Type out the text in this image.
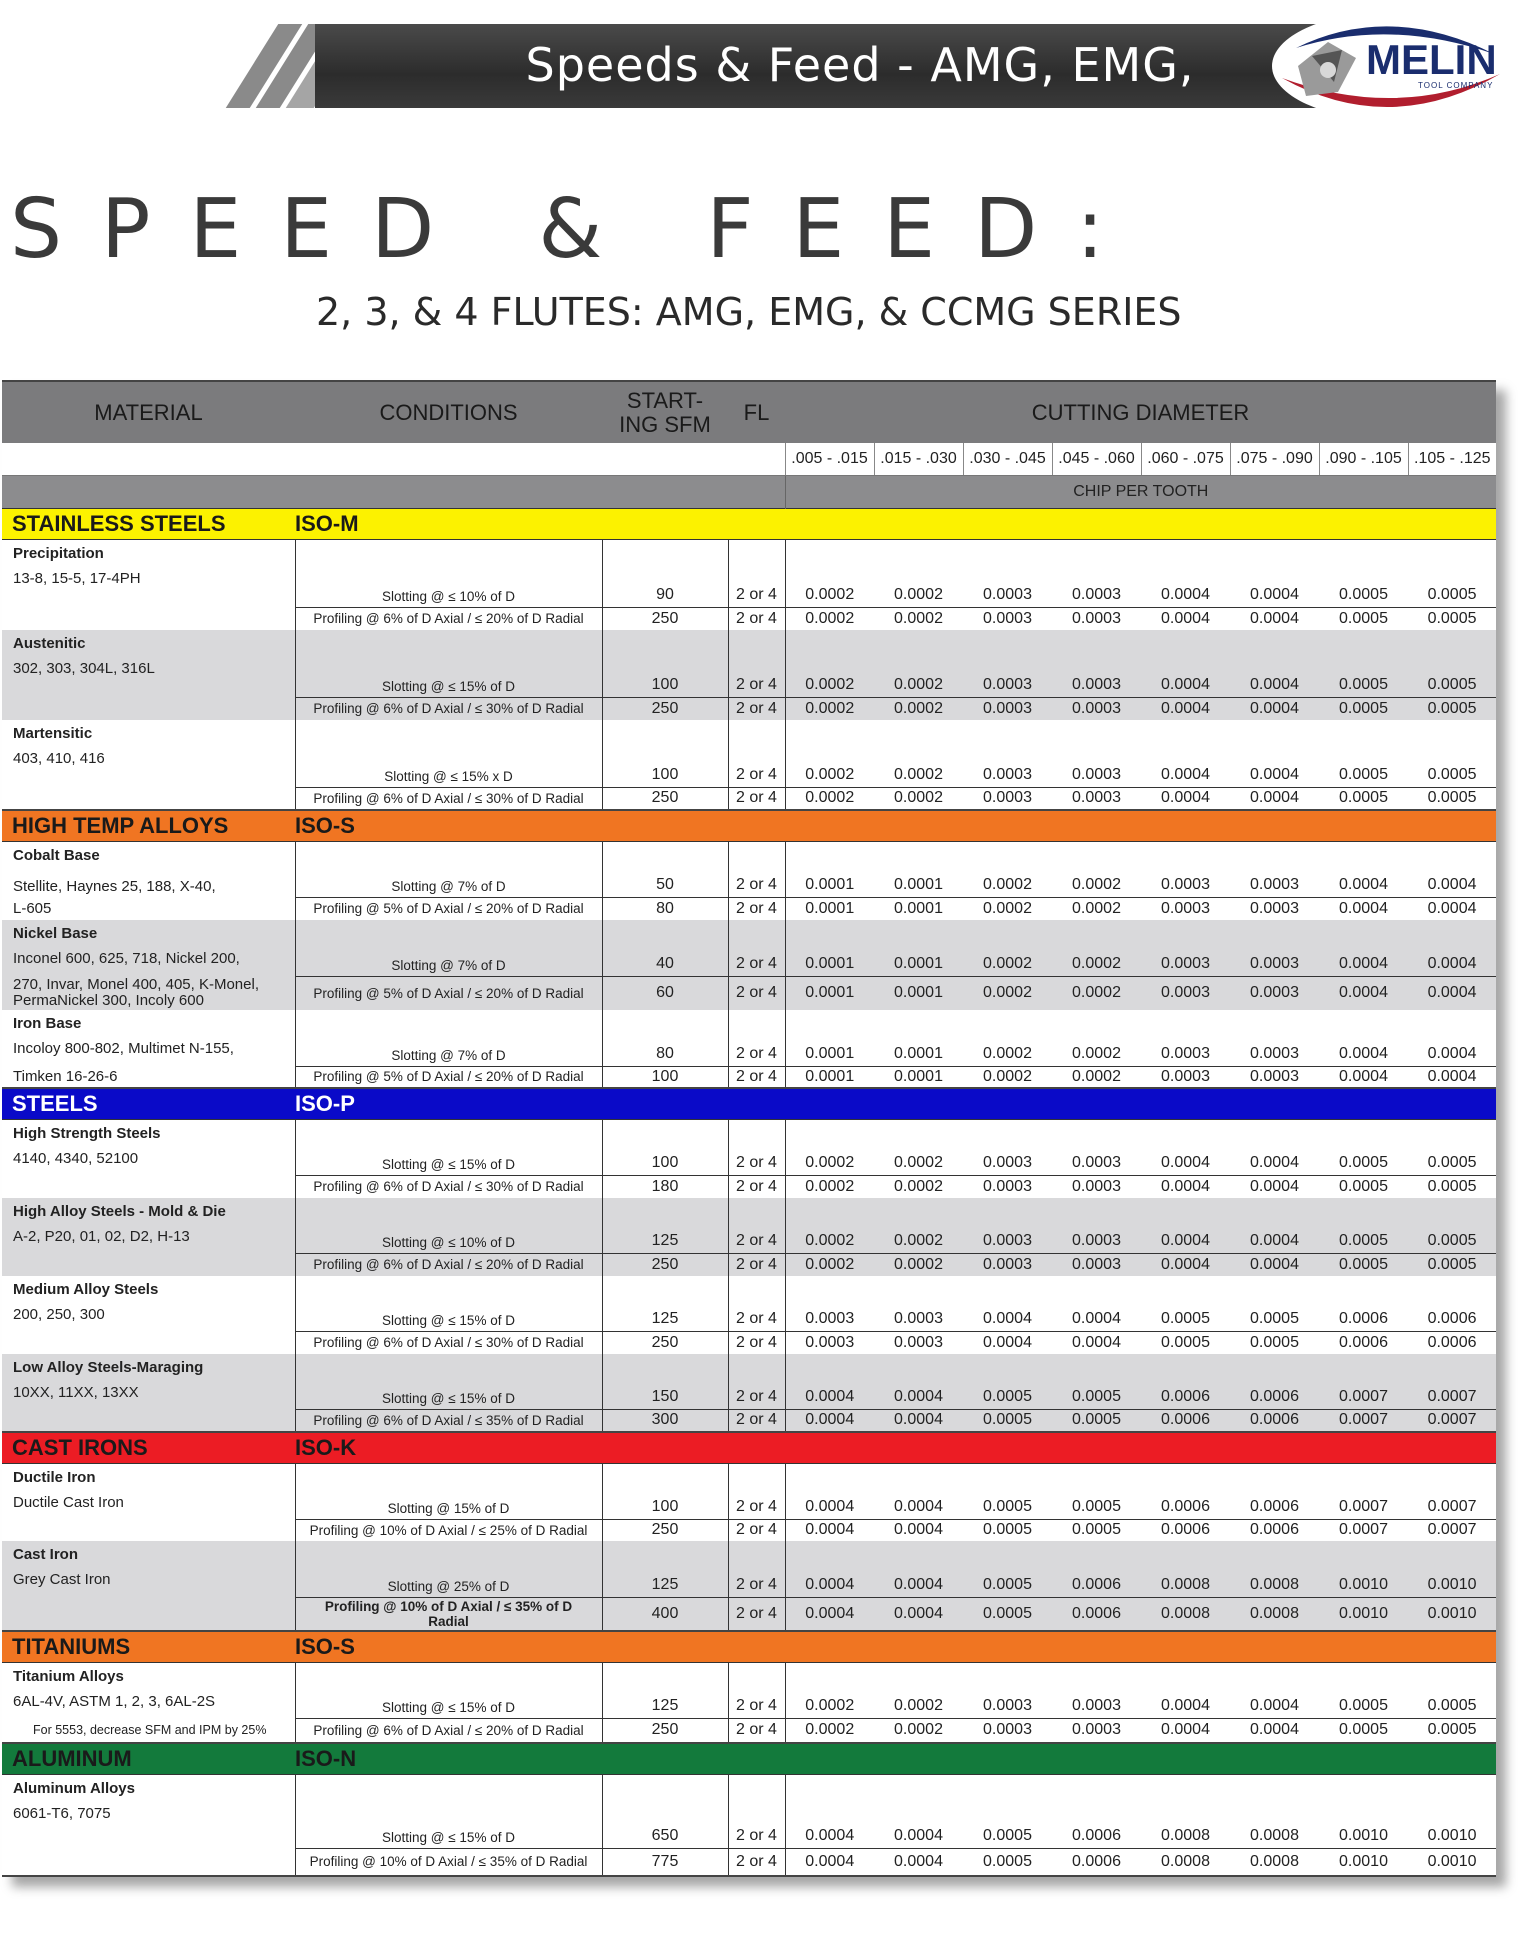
Speeds & Feed - AMG, EMG, CCMG
MELIN
TOOL COMPANY
SPEED & FEED:
2, 3, & 4 FLUTES: AMG, EMG, & CCMG SERIES
MATERIAL	CONDITIONS	START-
ING SFM	FL	CUTTING DIAMETER							
				.005 - .015	.015 - .030	.030 - .045	.045 - .060	.060 - .075	.075 - .090	.090 - .105	.105 - .125
				CHIP PER TOOTH							
STAINLESS STEELS	ISO-M										

Precipitation
13-8, 15-5, 17-4PH	Slotting @ ≤ 10% of D	90	2 or 4	0.0002	0.0002	0.0003	0.0003	0.0004	0.0004	0.0005	0.0005
	Profiling @ 6% of D Axial / ≤ 20% of D Radial	250	2 or 4	0.0002	0.0002	0.0003	0.0003	0.0004	0.0004	0.0005	0.0005

Austenitic
302, 303, 304L, 316L	Slotting @ ≤ 15% of D	100	2 or 4	0.0002	0.0002	0.0003	0.0003	0.0004	0.0004	0.0005	0.0005
	Profiling @ 6% of D Axial / ≤ 30% of D Radial	250	2 or 4	0.0002	0.0002	0.0003	0.0003	0.0004	0.0004	0.0005	0.0005

Martensitic
403, 410, 416	Slotting @ ≤ 15% x D	100	2 or 4	0.0002	0.0002	0.0003	0.0003	0.0004	0.0004	0.0005	0.0005
	Profiling @ 6% of D Axial / ≤ 30% of D Radial	250	2 or 4	0.0002	0.0002	0.0003	0.0003	0.0004	0.0004	0.0005	0.0005
HIGH TEMP ALLOYS	ISO-S										

Cobalt Base
Stellite, Haynes 25, 188, X-40,	Slotting @ 7% of D	50	2 or 4	0.0001	0.0001	0.0002	0.0002	0.0003	0.0003	0.0004	0.0004

L-605	Profiling @ 5% of D Axial / ≤ 20% of D Radial	80	2 or 4	0.0001	0.0001	0.0002	0.0002	0.0003	0.0003	0.0004	0.0004

Nickel Base
Inconel 600, 625, 718, Nickel 200,	Slotting @ 7% of D	40	2 or 4	0.0001	0.0001	0.0002	0.0002	0.0003	0.0003	0.0004	0.0004

270, Invar, Monel 400, 405, K-Monel, PermaNickel 300, Incoly 600	Profiling @ 5% of D Axial / ≤ 20% of D Radial	60	2 or 4	0.0001	0.0001	0.0002	0.0002	0.0003	0.0003	0.0004	0.0004

Iron Base
Incoloy 800-802, Multimet N-155,	Slotting @ 7% of D	80	2 or 4	0.0001	0.0001	0.0002	0.0002	0.0003	0.0003	0.0004	0.0004

Timken 16-26-6	Profiling @ 5% of D Axial / ≤ 20% of D Radial	100	2 or 4	0.0001	0.0001	0.0002	0.0002	0.0003	0.0003	0.0004	0.0004
STEELS	ISO-P										

High Strength Steels
4140, 4340, 52100	Slotting @ ≤ 15% of D	100	2 or 4	0.0002	0.0002	0.0003	0.0003	0.0004	0.0004	0.0005	0.0005
	Profiling @ 6% of D Axial / ≤ 30% of D Radial	180	2 or 4	0.0002	0.0002	0.0003	0.0003	0.0004	0.0004	0.0005	0.0005

High Alloy Steels - Mold & Die
A-2, P20, 01, 02, D2, H-13	Slotting @ ≤ 10% of D	125	2 or 4	0.0002	0.0002	0.0003	0.0003	0.0004	0.0004	0.0005	0.0005
	Profiling @ 6% of D Axial / ≤ 20% of D Radial	250	2 or 4	0.0002	0.0002	0.0003	0.0003	0.0004	0.0004	0.0005	0.0005

Medium Alloy Steels
200, 250, 300	Slotting @ ≤ 15% of D	125	2 or 4	0.0003	0.0003	0.0004	0.0004	0.0005	0.0005	0.0006	0.0006
	Profiling @ 6% of D Axial / ≤ 30% of D Radial	250	2 or 4	0.0003	0.0003	0.0004	0.0004	0.0005	0.0005	0.0006	0.0006

Low Alloy Steels-Maraging
10XX, 11XX, 13XX	Slotting @ ≤ 15% of D	150	2 or 4	0.0004	0.0004	0.0005	0.0005	0.0006	0.0006	0.0007	0.0007
	Profiling @ 6% of D Axial / ≤ 35% of D Radial	300	2 or 4	0.0004	0.0004	0.0005	0.0005	0.0006	0.0006	0.0007	0.0007
CAST IRONS	ISO-K										

Ductile Iron
Ductile Cast Iron	Slotting @ 15% of D	100	2 or 4	0.0004	0.0004	0.0005	0.0005	0.0006	0.0006	0.0007	0.0007
	Profiling @ 10% of D Axial / ≤ 25% of D Radial	250	2 or 4	0.0004	0.0004	0.0005	0.0005	0.0006	0.0006	0.0007	0.0007

Cast Iron
Grey Cast Iron	Slotting @ 25% of D	125	2 or 4	0.0004	0.0004	0.0005	0.0006	0.0008	0.0008	0.0010	0.0010
	Profiling @ 10% of D Axial / ≤ 35% of D Radial	400	2 or 4	0.0004	0.0004	0.0005	0.0006	0.0008	0.0008	0.0010	0.0010
TITANIUMS	ISO-S										

Titanium Alloys
6AL-4V, ASTM 1, 2, 3, 6AL-2S	Slotting @ ≤ 15% of D	125	2 or 4	0.0002	0.0002	0.0003	0.0003	0.0004	0.0004	0.0005	0.0005

For 5553, decrease SFM and IPM by 25%	Profiling @ 6% of D Axial / ≤ 20% of D Radial	250	2 or 4	0.0002	0.0002	0.0003	0.0003	0.0004	0.0004	0.0005	0.0005
ALUMINUM	ISO-N										

Aluminum Alloys
6061-T6, 7075	Slotting @ ≤ 15% of D	650	2 or 4	0.0004	0.0004	0.0005	0.0006	0.0008	0.0008	0.0010	0.0010
	Profiling @ 10% of D Axial / ≤ 35% of D Radial	775	2 or 4	0.0004	0.0004	0.0005	0.0006	0.0008	0.0008	0.0010	0.0010
